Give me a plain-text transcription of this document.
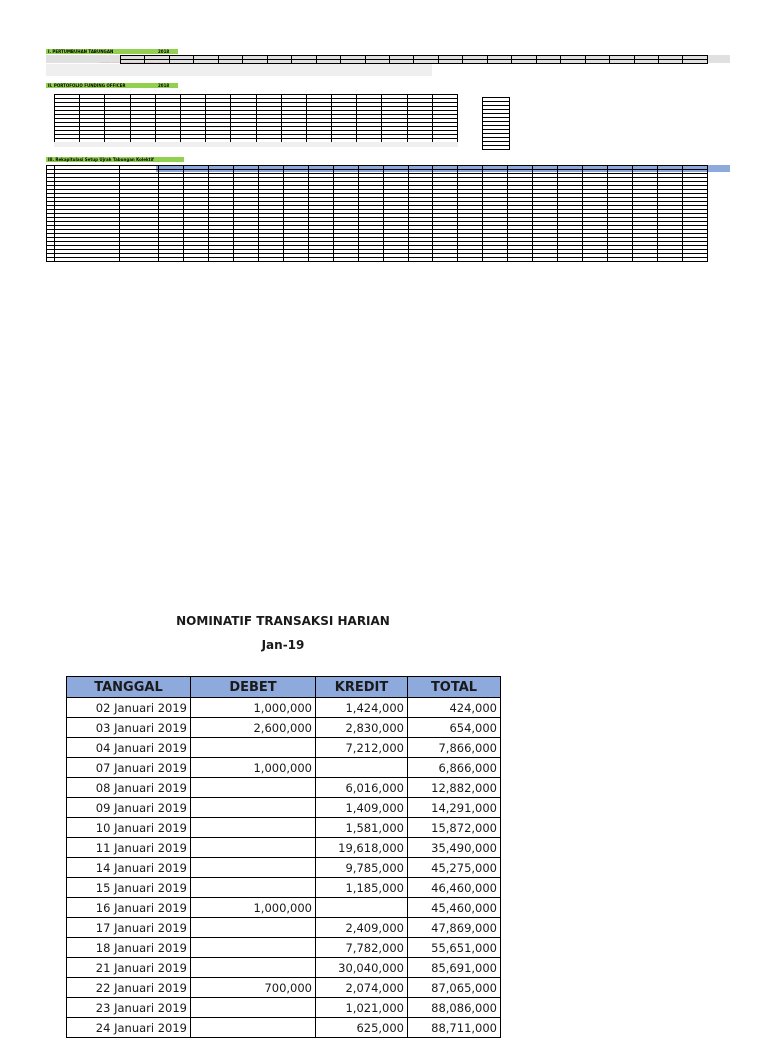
I. PERTUMBUHAN TABUNGAN	2018
··········· ··········· ··········· ··········· ··········· ···········

II. PORTOFOLIO FUNDING OFFICER	2018

··················· ·········
··········· ··········· ···········

III. Rekapitulasi Setup Ujrah Tabungan Kolektif

NOMINATIF TRANSAKSI HARIAN
Jan-19
TANGGAL	DEBET	KREDIT	TOTAL
02 Januari 2019	1,000,000	1,424,000	424,000
03 Januari 2019	2,600,000	2,830,000	654,000
04 Januari 2019		7,212,000	7,866,000
07 Januari 2019	1,000,000		6,866,000
08 Januari 2019		6,016,000	12,882,000
09 Januari 2019		1,409,000	14,291,000
10 Januari 2019		1,581,000	15,872,000
11 Januari 2019		19,618,000	35,490,000
14 Januari 2019		9,785,000	45,275,000
15 Januari 2019		1,185,000	46,460,000
16 Januari 2019	1,000,000		45,460,000
17 Januari 2019		2,409,000	47,869,000
18 Januari 2019		7,782,000	55,651,000
21 Januari 2019		30,040,000	85,691,000
22 Januari 2019	700,000	2,074,000	87,065,000
23 Januari 2019		1,021,000	88,086,000
24 Januari 2019		625,000	88,711,000
